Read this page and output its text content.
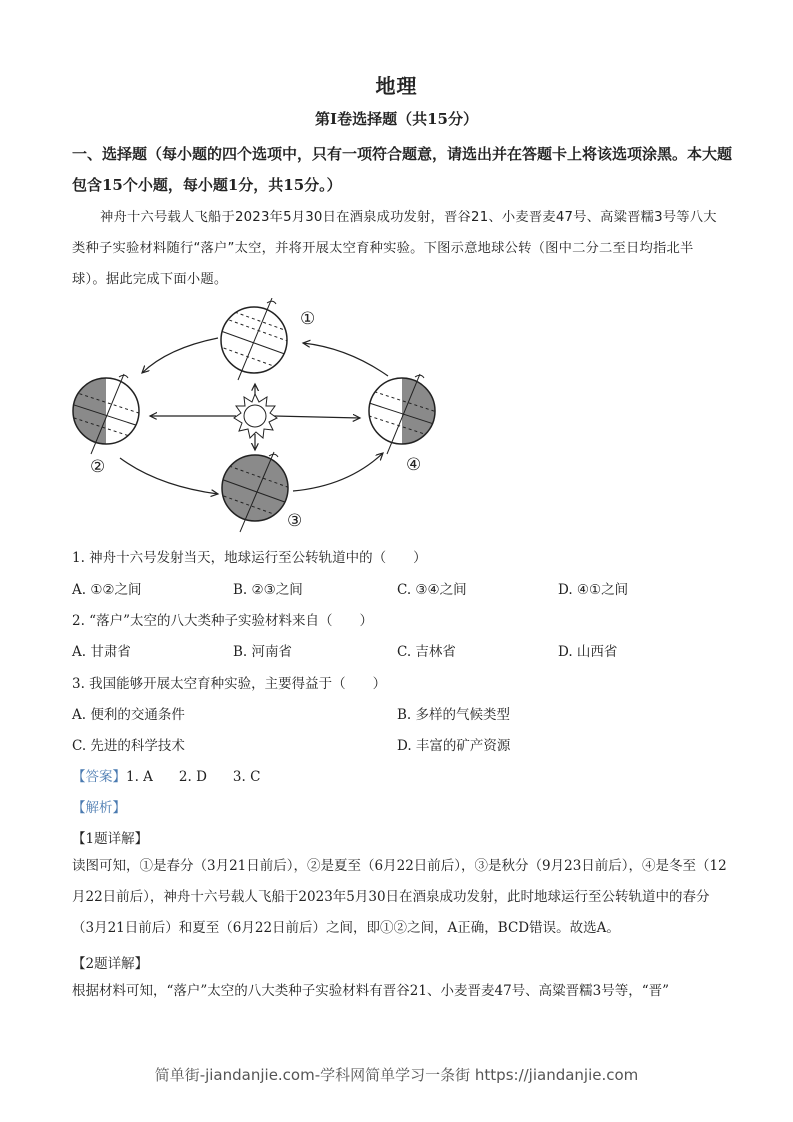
地理
第Ⅰ卷选择题（共15分）
一、选择题（每小题的四个选项中，只有一项符合题意，请选出并在答题卡上将该选项涂黑。本大题包含15个小题，每小题1分，共15分。）
神舟十六号载人飞船于2023年5月30日在酒泉成功发射，晋谷21、小麦晋麦47号、高粱晋糯3号等八大类种子实验材料随行“落户”太空，并将开展太空育种实验。下图示意地球公转（图中二分二至日均指北半球）。据此完成下面小题。
①
②
③
④
1. 神舟十六号发射当天，地球运行至公转轨道中的（　　）
A. ①②之间	B. ②③之间	C. ③④之间	D. ④①之间
2. “落户”太空的八大类种子实验材料来自（　　）
A. 甘肃省	B. 河南省	C. 吉林省	D. 山西省
3. 我国能够开展太空育种实验，主要得益于（　　）
A. 便利的交通条件	B. 多样的气候类型
C. 先进的科学技术	D. 丰富的矿产资源
【答案】1. A 2. D 3. C
【解析】
【1题详解】
读图可知，①是春分（3月21日前后），②是夏至（6月22日前后），③是秋分（9月23日前后），④是冬至（12月22日前后），神舟十六号载人飞船于2023年5月30日在酒泉成功发射，此时地球运行至公转轨道中的春分（3月21日前后）和夏至（6月22日前后）之间，即①②之间，A正确，BCD错误。故选A。
【2题详解】
根据材料可知，“落户”太空的八大类种子实验材料有晋谷21、小麦晋麦47号、高粱晋糯3号等，“晋”
简单街-jiandanjie.com-学科网简单学习一条街 https://jiandanjie.com
